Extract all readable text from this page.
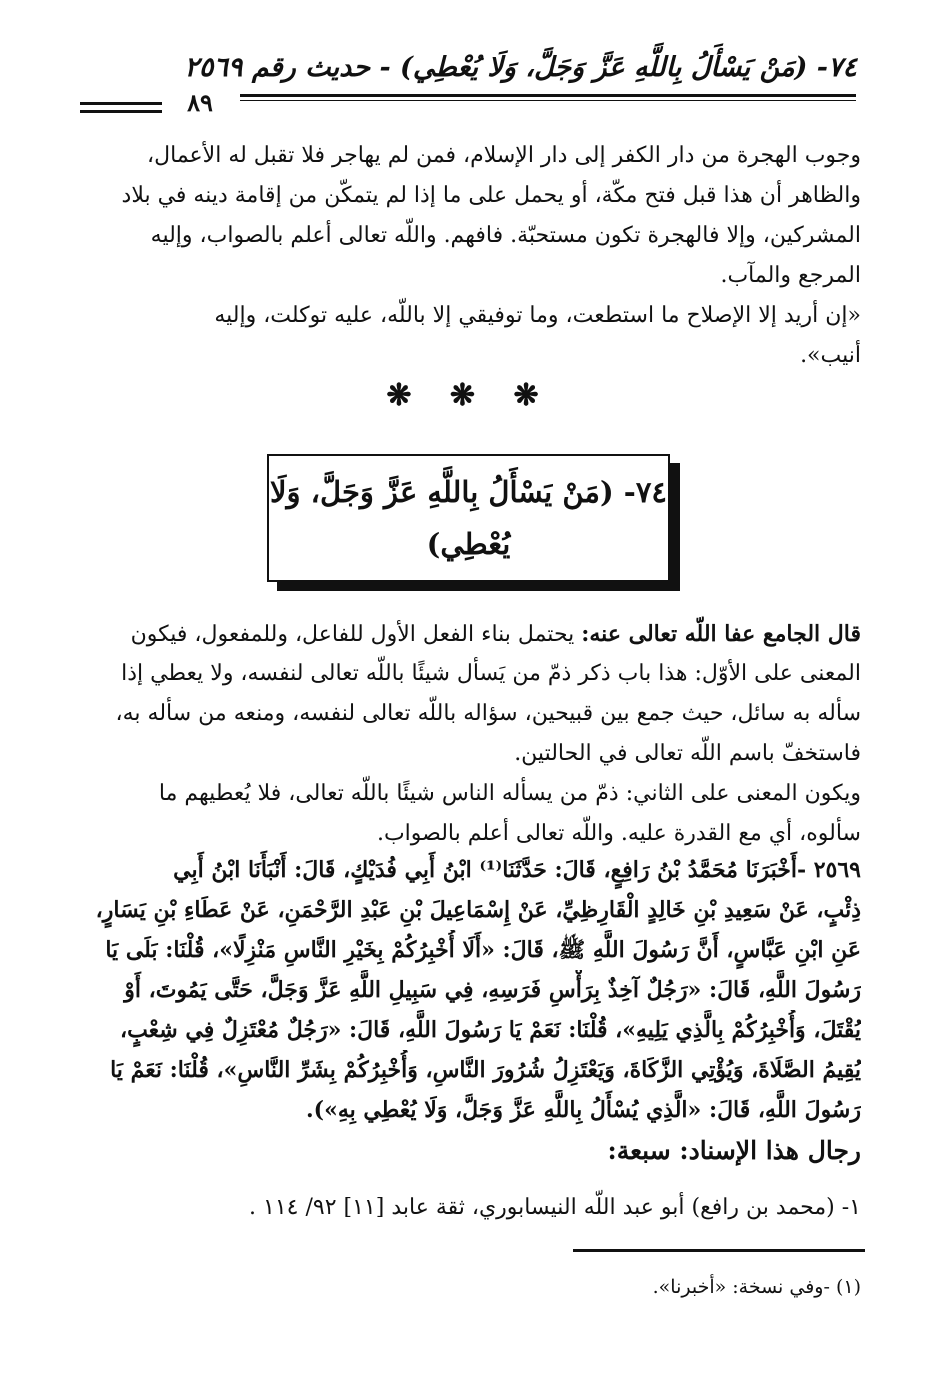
٧٤- (مَنْ يَسْأَلُ بِاللَّهِ عَزَّ وَجَلَّ، وَلَا يُعْطِي) - حديث رقم ٢٥٦٩
٨٩
وجوب الهجرة من دار الكفر إلى دار الإسلام، فمن لم يهاجر فلا تقبل له الأعمال،
والظاهر أن هذا قبل فتح مكّة، أو يحمل على ما إذا لم يتمكّن من إقامة دينه في بلاد
المشركين، وإلا فالهجرة تكون مستحبّة. فافهم. واللّه تعالى أعلم بالصواب، وإليه
المرجع والمآب.
«إن أريد إلا الإصلاح ما استطعت، وما توفيقي إلا باللّه، عليه توكلت، وإليه
أنيب».
❋ ❋ ❋
٧٤- (مَنْ يَسْأَلُ بِاللَّهِ عَزَّ وَجَلَّ، وَلَا
يُعْطِي)
قال الجامع عفا اللّه تعالى عنه: يحتمل بناء الفعل الأول للفاعل، وللمفعول، فيكون
المعنى على الأوّل: هذا باب ذكر ذمّ من يَسأل شيئًا باللّه تعالى لنفسه، ولا يعطي إذا
سأله به سائل، حيث جمع بين قبيحين، سؤاله باللّه تعالى لنفسه، ومنعه من سأله به،
فاستخفّ باسم اللّه تعالى في الحالتين.
ويكون المعنى على الثاني: ذمّ من يسأله الناس شيئًا باللّه تعالى، فلا يُعطيهم ما
سألوه، أي مع القدرة عليه. واللّه تعالى أعلم بالصواب.
٢٥٦٩ -أَخْبَرَنَا مُحَمَّدُ بْنُ رَافِعٍ، قَالَ: حَدَّثَنَا⁽¹⁾ ابْنُ أَبِي فُدَيْكٍ، قَالَ: أَنْبَأَنَا ابْنُ أَبِي
ذِئْبٍ، عَنْ سَعِيدِ بْنِ خَالِدٍ الْقَارِظِيِّ، عَنْ إِسْمَاعِيلَ بْنِ عَبْدِ الرَّحْمَنِ، عَنْ عَطَاءِ بْنِ يَسَارٍ،
عَنِ ابْنِ عَبَّاسٍ، أَنَّ رَسُولَ اللَّهِ ﷺ، قَالَ: «أَلَا أُخْبِرُكُمْ بِخَيْرِ النَّاسِ مَنْزِلًا»، قُلْنَا: بَلَى يَا
رَسُولَ اللَّهِ، قَالَ: «رَجُلٌ آخِذٌ بِرَأْسِ فَرَسِهِ، فِي سَبِيلِ اللَّهِ عَزَّ وَجَلَّ، حَتَّى يَمُوتَ، أَوْ
يُقْتَلَ، وَأُخْبِرُكُمْ بِالَّذِي يَلِيهِ»، قُلْنَا: نَعَمْ يَا رَسُولَ اللَّهِ، قَالَ: «رَجُلٌ مُعْتَزِلٌ فِي شِعْبٍ،
يُقِيمُ الصَّلَاةَ، وَيُؤْتِي الزَّكَاةَ، وَيَعْتَزِلُ شُرُورَ النَّاسِ، وَأُخْبِرُكُمْ بِشَرِّ النَّاسِ»، قُلْنَا: نَعَمْ يَا
رَسُولَ اللَّهِ، قَالَ: «الَّذِي يُسْأَلُ بِاللَّهِ عَزَّ وَجَلَّ، وَلَا يُعْطِي بِهِ»).
رجال هذا الإسناد: سبعة:
١- (محمد بن رافع) أبو عبد اللّه النيسابوري، ثقة عابد [١١] ٩٢/ ١١٤ .
(١) -وفي نسخة: «أخبرنا».
